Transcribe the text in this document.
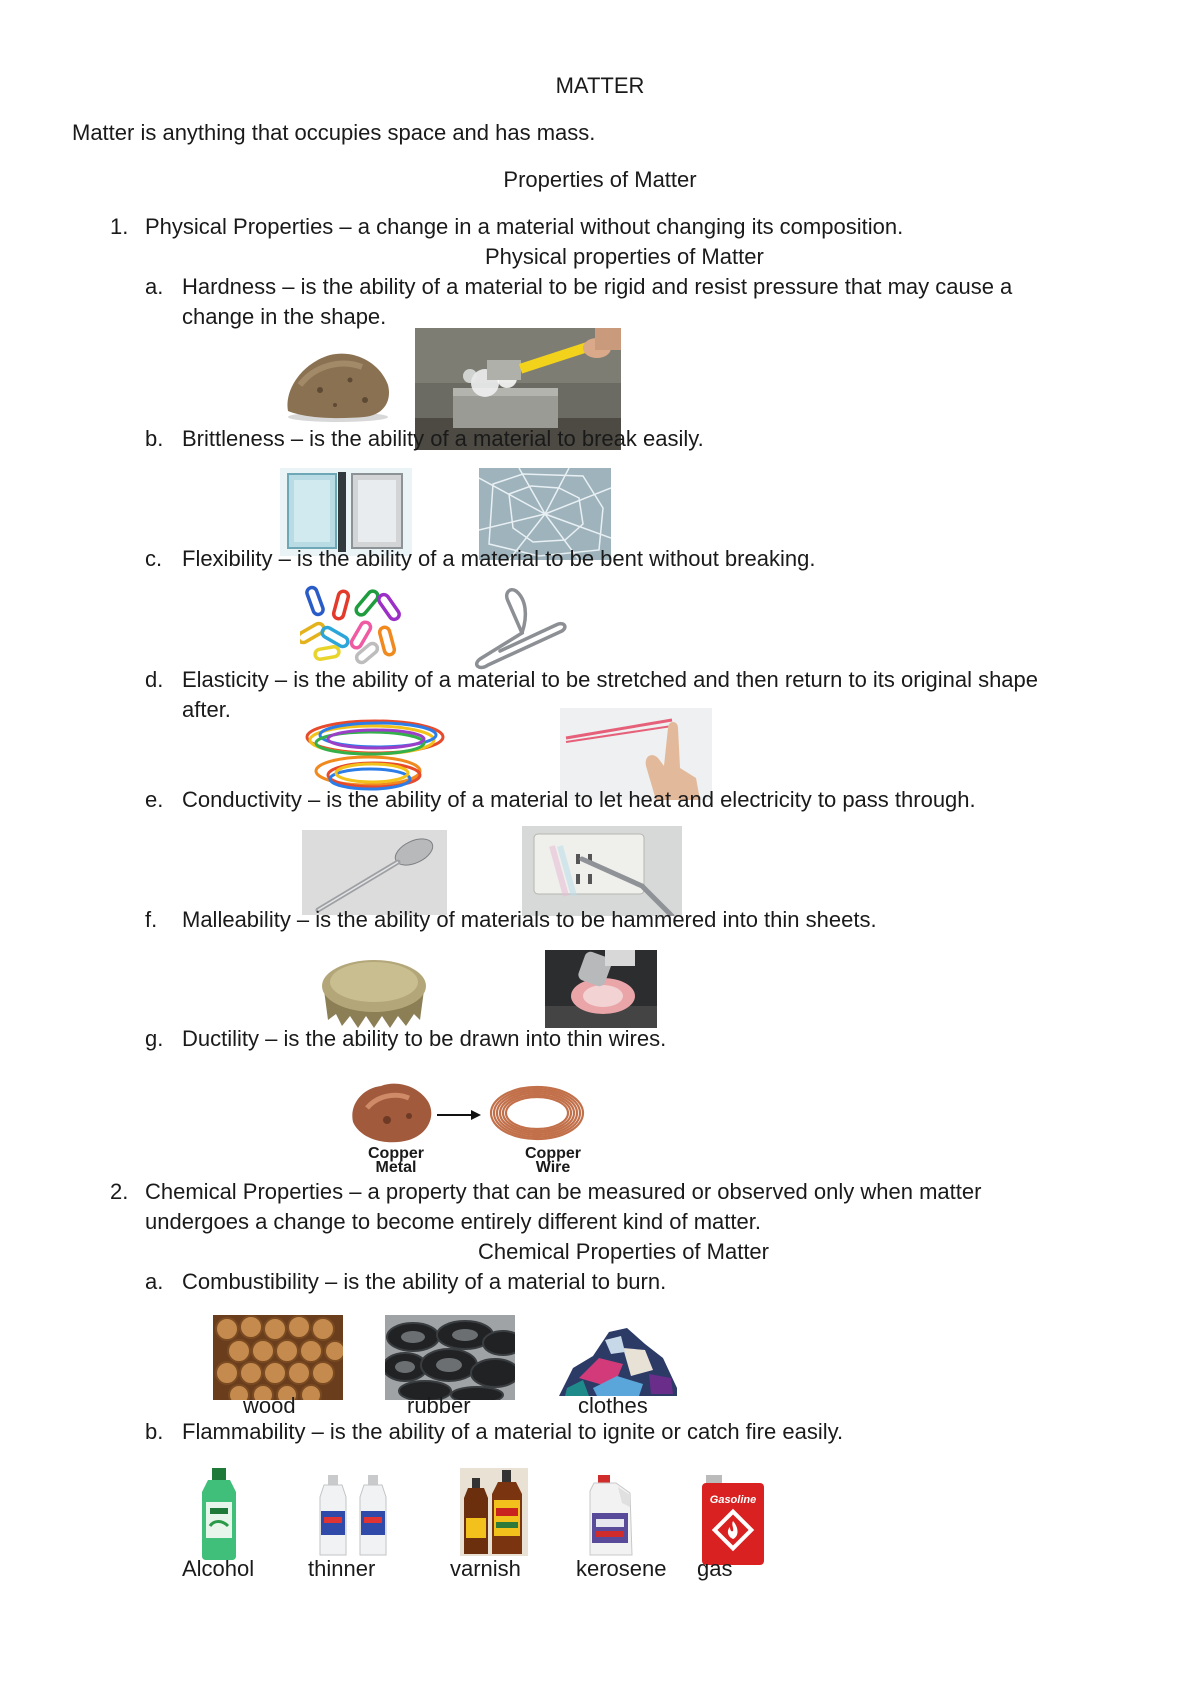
MATTER
Matter is anything that occupies space and has mass.
Properties of Matter
1. Physical Properties – a change in a material without changing its composition.
Physical properties of Matter
a. Hardness – is the ability of a material to be rigid and resist pressure that may cause a
change in the shape.
b. Brittleness – is the ability of a material to break easily.
c. Flexibility – is the ability of a material to be bent without breaking.
d. Elasticity – is the ability of a material to be stretched and then return to its original shape
after.
e. Conductivity – is the ability of a material to let heat and electricity to pass through.
f. Malleability – is the ability of materials to be hammered into thin sheets.
g. Ductility – is the ability to be drawn into thin wires.
Copper
Metal
Copper
Wire
2. Chemical Properties – a property that can be measured or observed only when matter
undergoes a change to become entirely different kind of matter.
Chemical Properties of Matter
a. Combustibility – is the ability of a material to burn.
wood	rubber	clothes
b. Flammability – is the ability of a material to ignite or catch fire easily.
Gasoline
Alcohol thinner	varnish	kerosene gas
